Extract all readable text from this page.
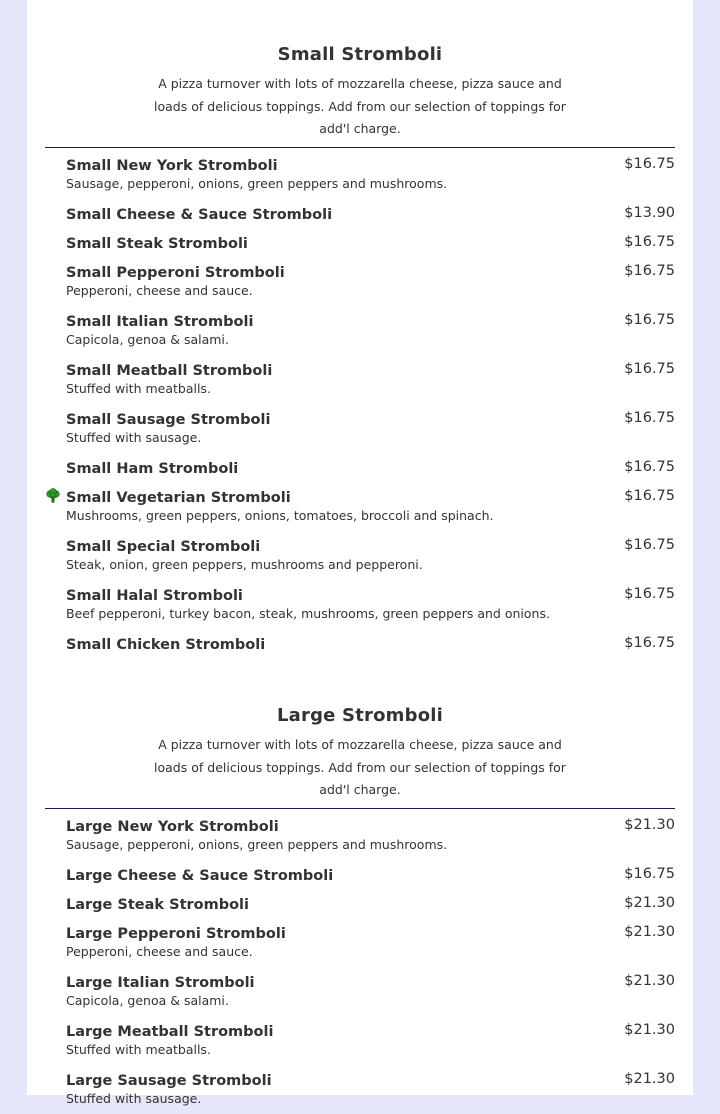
Small Stromboli
A pizza turnover with lots of mozzarella cheese, pizza sauce and loads of delicious toppings. Add from our selection of toppings for add'l charge.
Small New York Stromboli	$16.75
Sausage, pepperoni, onions, green peppers and mushrooms.
Small Cheese & Sauce Stromboli	$13.90
Small Steak Stromboli	$16.75
Small Pepperoni Stromboli	$16.75
Pepperoni, cheese and sauce.
Small Italian Stromboli	$16.75
Capicola, genoa & salami.
Small Meatball Stromboli	$16.75
Stuffed with meatballs.
Small Sausage Stromboli	$16.75
Stuffed with sausage.
Small Ham Stromboli	$16.75
Small Vegetarian Stromboli	$16.75
Mushrooms, green peppers, onions, tomatoes, broccoli and spinach.
Small Special Stromboli	$16.75
Steak, onion, green peppers, mushrooms and pepperoni.
Small Halal Stromboli	$16.75
Beef pepperoni, turkey bacon, steak, mushrooms, green peppers and onions.
Small Chicken Stromboli	$16.75
Large Stromboli
A pizza turnover with lots of mozzarella cheese, pizza sauce and loads of delicious toppings. Add from our selection of toppings for add'l charge.
Large New York Stromboli	$21.30
Sausage, pepperoni, onions, green peppers and mushrooms.
Large Cheese & Sauce Stromboli	$16.75
Large Steak Stromboli	$21.30
Large Pepperoni Stromboli	$21.30
Pepperoni, cheese and sauce.
Large Italian Stromboli	$21.30
Capicola, genoa & salami.
Large Meatball Stromboli	$21.30
Stuffed with meatballs.
Large Sausage Stromboli	$21.30
Stuffed with sausage.
